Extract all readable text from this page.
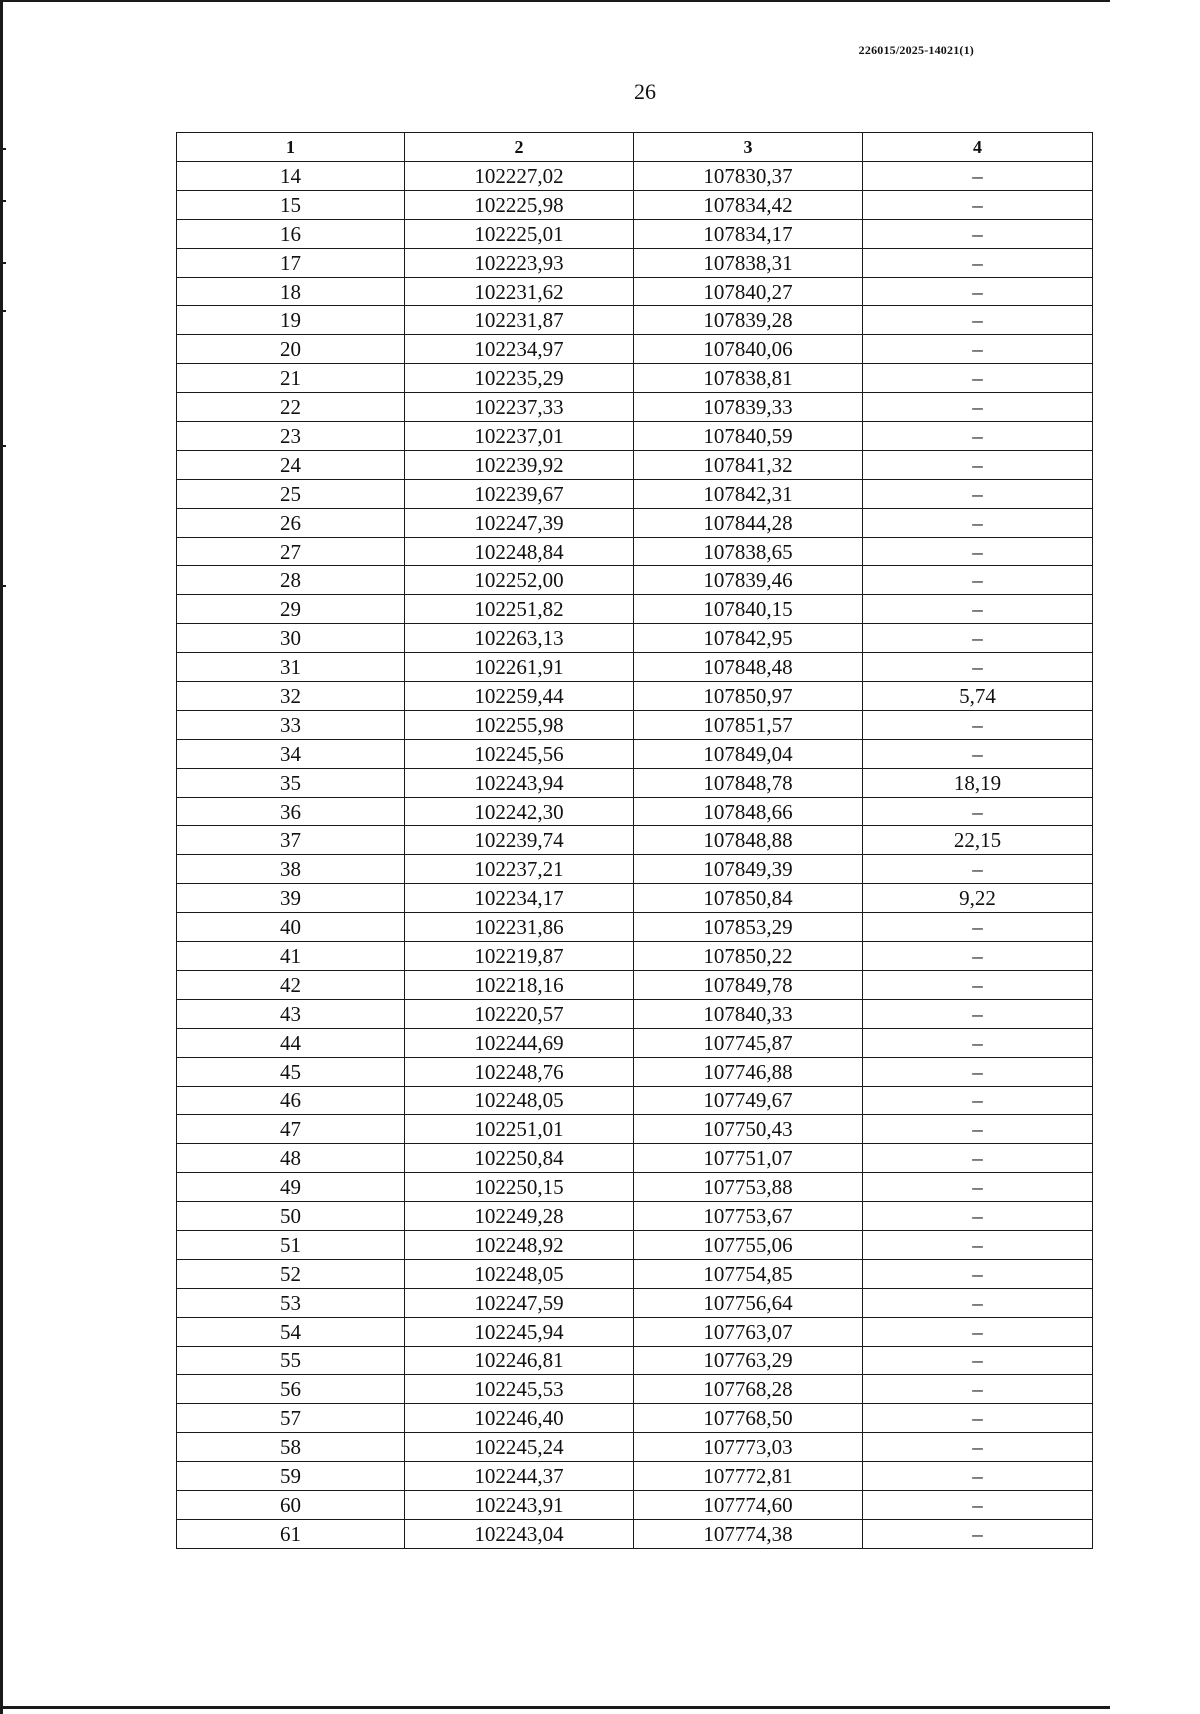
226015/2025-14021(1)
26
1	2	3	4
14	102227,02	107830,37	–
15	102225,98	107834,42	–
16	102225,01	107834,17	–
17	102223,93	107838,31	–
18	102231,62	107840,27	–
19	102231,87	107839,28	–
20	102234,97	107840,06	–
21	102235,29	107838,81	–
22	102237,33	107839,33	–
23	102237,01	107840,59	–
24	102239,92	107841,32	–
25	102239,67	107842,31	–
26	102247,39	107844,28	–
27	102248,84	107838,65	–
28	102252,00	107839,46	–
29	102251,82	107840,15	–
30	102263,13	107842,95	–
31	102261,91	107848,48	–
32	102259,44	107850,97	5,74
33	102255,98	107851,57	–
34	102245,56	107849,04	–
35	102243,94	107848,78	18,19
36	102242,30	107848,66	–
37	102239,74	107848,88	22,15
38	102237,21	107849,39	–
39	102234,17	107850,84	9,22
40	102231,86	107853,29	–
41	102219,87	107850,22	–
42	102218,16	107849,78	–
43	102220,57	107840,33	–
44	102244,69	107745,87	–
45	102248,76	107746,88	–
46	102248,05	107749,67	–
47	102251,01	107750,43	–
48	102250,84	107751,07	–
49	102250,15	107753,88	–
50	102249,28	107753,67	–
51	102248,92	107755,06	–
52	102248,05	107754,85	–
53	102247,59	107756,64	–
54	102245,94	107763,07	–
55	102246,81	107763,29	–
56	102245,53	107768,28	–
57	102246,40	107768,50	–
58	102245,24	107773,03	–
59	102244,37	107772,81	–
60	102243,91	107774,60	–
61	102243,04	107774,38	–
